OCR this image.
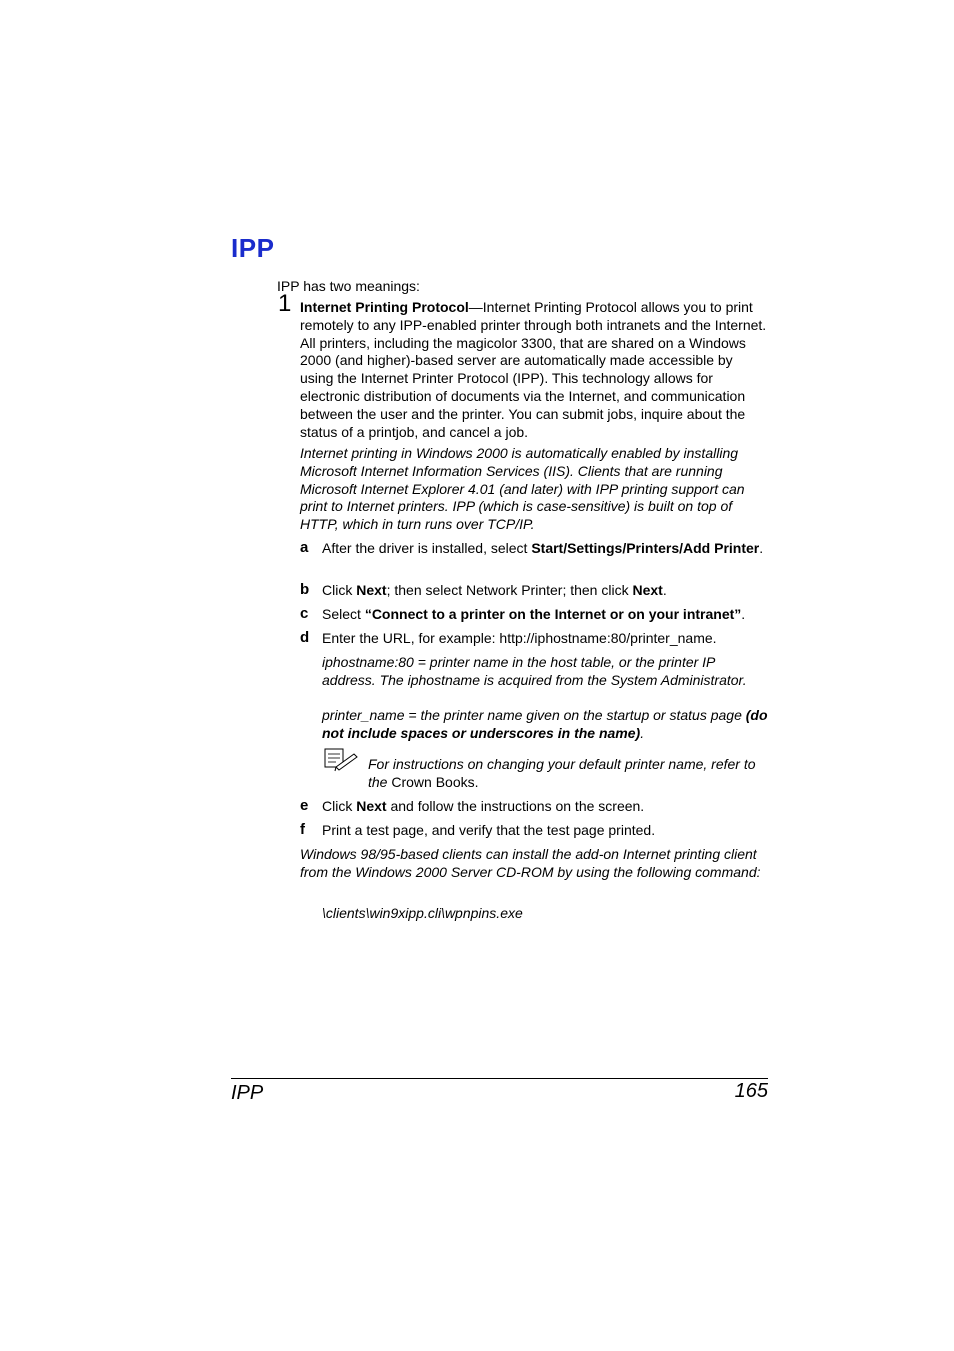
IPP
IPP has two meanings:
1 Internet Printing Protocol—Internet Printing Protocol allows you to print remotely to any IPP-enabled printer through both intranets and the Internet. All printers, including the magicolor 3300, that are shared on a Windows 2000 (and higher)-based server are automatically made accessible by using the Internet Printer Protocol (IPP). This technology allows for electronic distribution of documents via the Internet, and communication between the user and the printer. You can submit jobs, inquire about the status of a printjob, and cancel a job.
Internet printing in Windows 2000 is automatically enabled by installing Microsoft Internet Information Services (IIS). Clients that are running Microsoft Internet Explorer 4.01 (and later) with IPP printing support can print to Internet printers. IPP (which is case-sensitive) is built on top of HTTP, which in turn runs over TCP/IP.
a After the driver is installed, select Start/Settings/Printers/Add Printer.
b Click Next; then select Network Printer; then click Next.
c Select “Connect to a printer on the Internet or on your intranet”.
d Enter the URL, for example: http://iphostname:80/printer_name.
iphostname:80 = printer name in the host table, or the printer IP address. The iphostname is acquired from the System Administrator.
printer_name = the printer name given on the startup or status page (do not include spaces or underscores in the name).
For instructions on changing your default printer name, refer to the Crown Books.
e Click Next and follow the instructions on the screen.
f Print a test page, and verify that the test page printed.
Windows 98/95-based clients can install the add-on Internet printing client from the Windows 2000 Server CD-ROM by using the following command:
\clients\win9xipp.cli\wpnpins.exe
IPP	165
